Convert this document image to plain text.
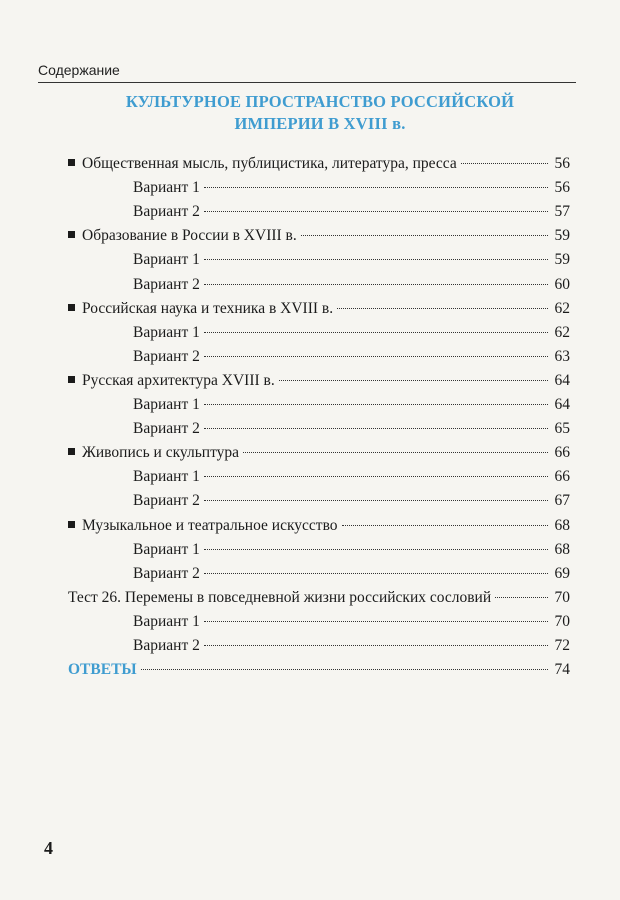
Содержание
КУЛЬТУРНОЕ ПРОСТРАНСТВО РОССИЙСКОЙ
ИМПЕРИИ В XVIII в.
Общественная мысль, публицистика, литература, пресса	56
Вариант 1	56
Вариант 2	57
Образование в России в XVIII в.	59
Вариант 1	59
Вариант 2	60
Российская наука и техника в XVIII в.	62
Вариант 1	62
Вариант 2	63
Русская архитектура XVIII в.	64
Вариант 1	64
Вариант 2	65
Живопись и скульптура	66
Вариант 1	66
Вариант 2	67
Музыкальное и театральное искусство	68
Вариант 1	68
Вариант 2	69
Тест 26. Перемены в повседневной жизни российских сословий	70
Вариант 1	70
Вариант 2	72
ОТВЕТЫ	74
4
